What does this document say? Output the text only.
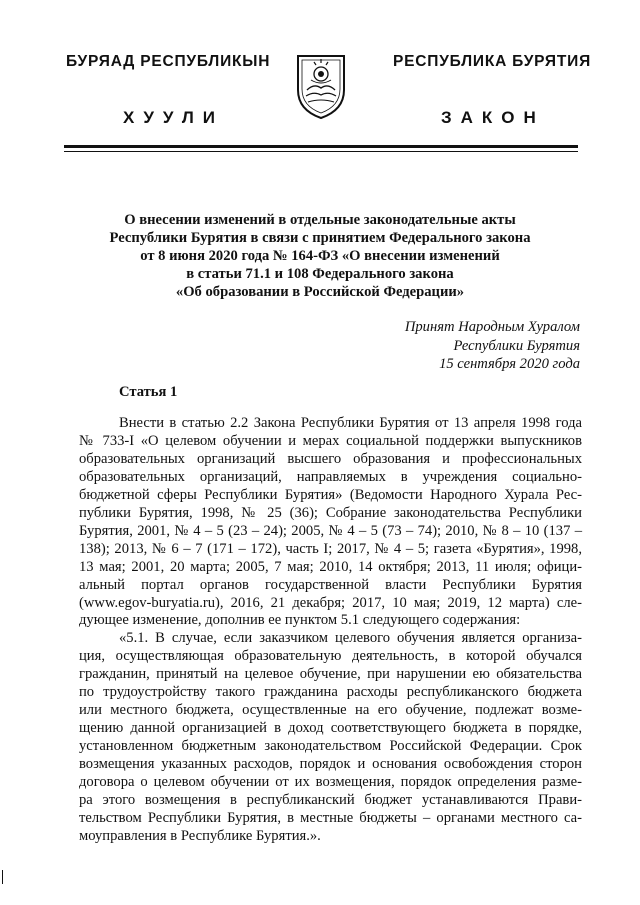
БУРЯАД РЕСПУБЛИКЫН
ХУУЛИ
РЕСПУБЛИКА БУРЯТИЯ
ЗАКОН
О внесении изменений в отдельные законодательные акты
Республики Бурятия в связи с принятием Федерального закона
от 8 июня 2020 года № 164-ФЗ «О внесении изменений
в статьи 71.1 и 108 Федерального закона
«Об образовании в Российской Федерации»
Принят Народным Хуралом
Республики Бурятия
15 сентября 2020 года
Статья 1
Внести в статью 2.2 Закона Республики Бурятия от 13 апреля 1998 года
№ 733-I «О целевом обучении и мерах социальной поддержки выпускников
образовательных организаций высшего образования и профессиональных
образовательных организаций, направляемых в учреждения социально-
бюджетной сферы Республики Бурятия» (Ведомости Народного Хурала Рес-
публики Бурятия, 1998, № 25 (36); Собрание законодательства Республики
Бурятия, 2001, № 4 – 5 (23 – 24); 2005, № 4 – 5 (73 – 74); 2010, № 8 – 10 (137 –
138); 2013, № 6 – 7 (171 – 172), часть I; 2017, № 4 – 5; газета «Бурятия», 1998,
13 мая; 2001, 20 марта; 2005, 7 мая; 2010, 14 октября; 2013, 11 июля; офици-
альный портал органов государственной власти Республики Бурятия
(www.egov-buryatia.ru), 2016, 21 декабря; 2017, 10 мая; 2019, 12 марта) сле-
дующее изменение, дополнив ее пунктом 5.1 следующего содержания:
«5.1. В случае, если заказчиком целевого обучения является организа-
ция, осуществляющая образовательную деятельность, в которой обучался
гражданин, принятый на целевое обучение, при нарушении ею обязательства
по трудоустройству такого гражданина расходы республиканского бюджета
или местного бюджета, осуществленные на его обучение, подлежат возме-
щению данной организацией в доход соответствующего бюджета в порядке,
установленном бюджетным законодательством Российской Федерации. Срок
возмещения указанных расходов, порядок и основания освобождения сторон
договора о целевом обучении от их возмещения, порядок определения разме-
ра этого возмещения в республиканский бюджет устанавливаются Прави-
тельством Республики Бурятия, в местные бюджеты – органами местного са-
моуправления в Республике Бурятия.».
